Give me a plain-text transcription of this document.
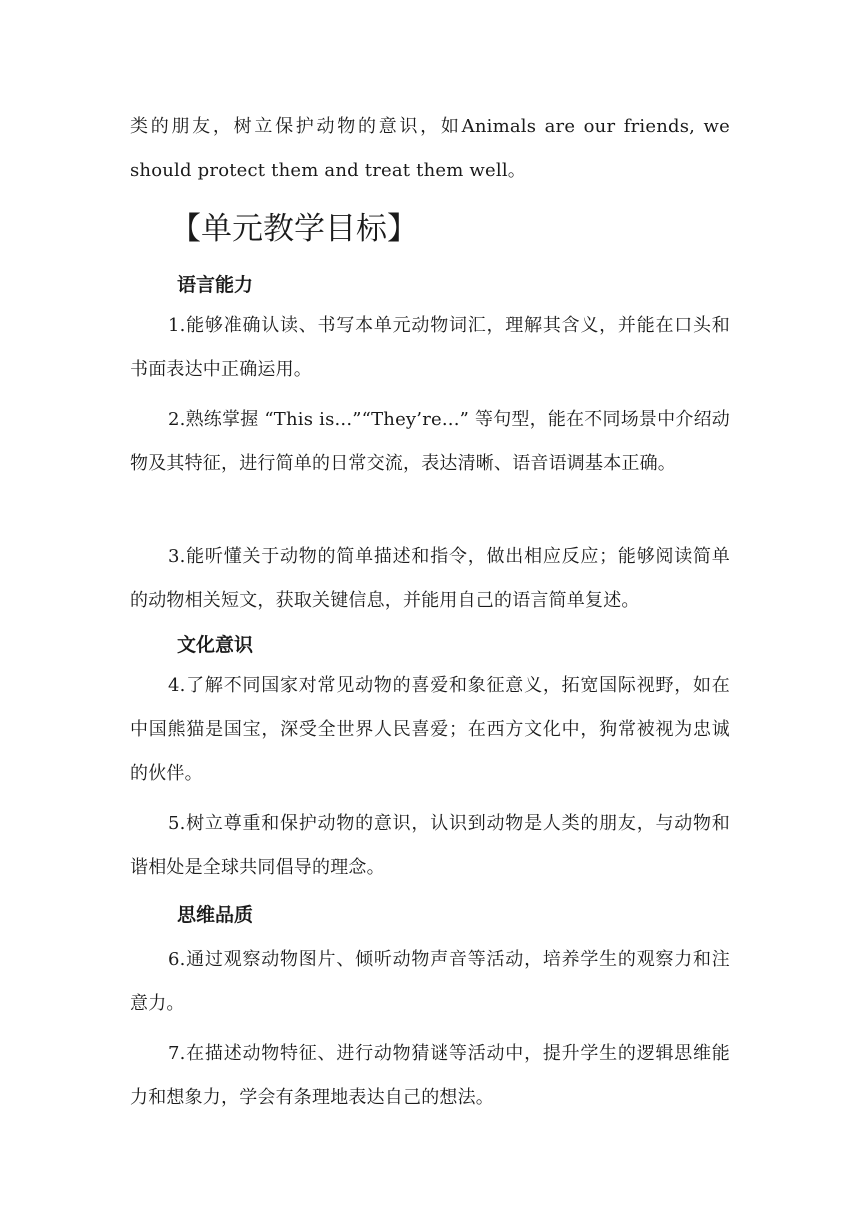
类的朋友，树立保护动物的意识，如Animals are our friends, we should protect them and treat them well。

【单元教学目标】
语言能力

1.能够准确认读、书写本单元动物词汇，理解其含义，并能在口头和书面表达中正确运用。

2.熟练掌握 “This is...”“They’re...” 等句型，能在不同场景中介绍动物及其特征，进行简单的日常交流，表达清晰、语音语调基本正确。

3.能听懂关于动物的简单描述和指令，做出相应反应；能够阅读简单的动物相关短文，获取关键信息，并能用自己的语言简单复述。

文化意识

4.了解不同国家对常见动物的喜爱和象征意义，拓宽国际视野，如在中国熊猫是国宝，深受全世界人民喜爱；在西方文化中，狗常被视为忠诚的伙伴。

5.树立尊重和保护动物的意识，认识到动物是人类的朋友，与动物和谐相处是全球共同倡导的理念。

思维品质

6.通过观察动物图片、倾听动物声音等活动，培养学生的观察力和注意力。

7.在描述动物特征、进行动物猜谜等活动中，提升学生的逻辑思维能力和想象力，学会有条理地表达自己的想法。
